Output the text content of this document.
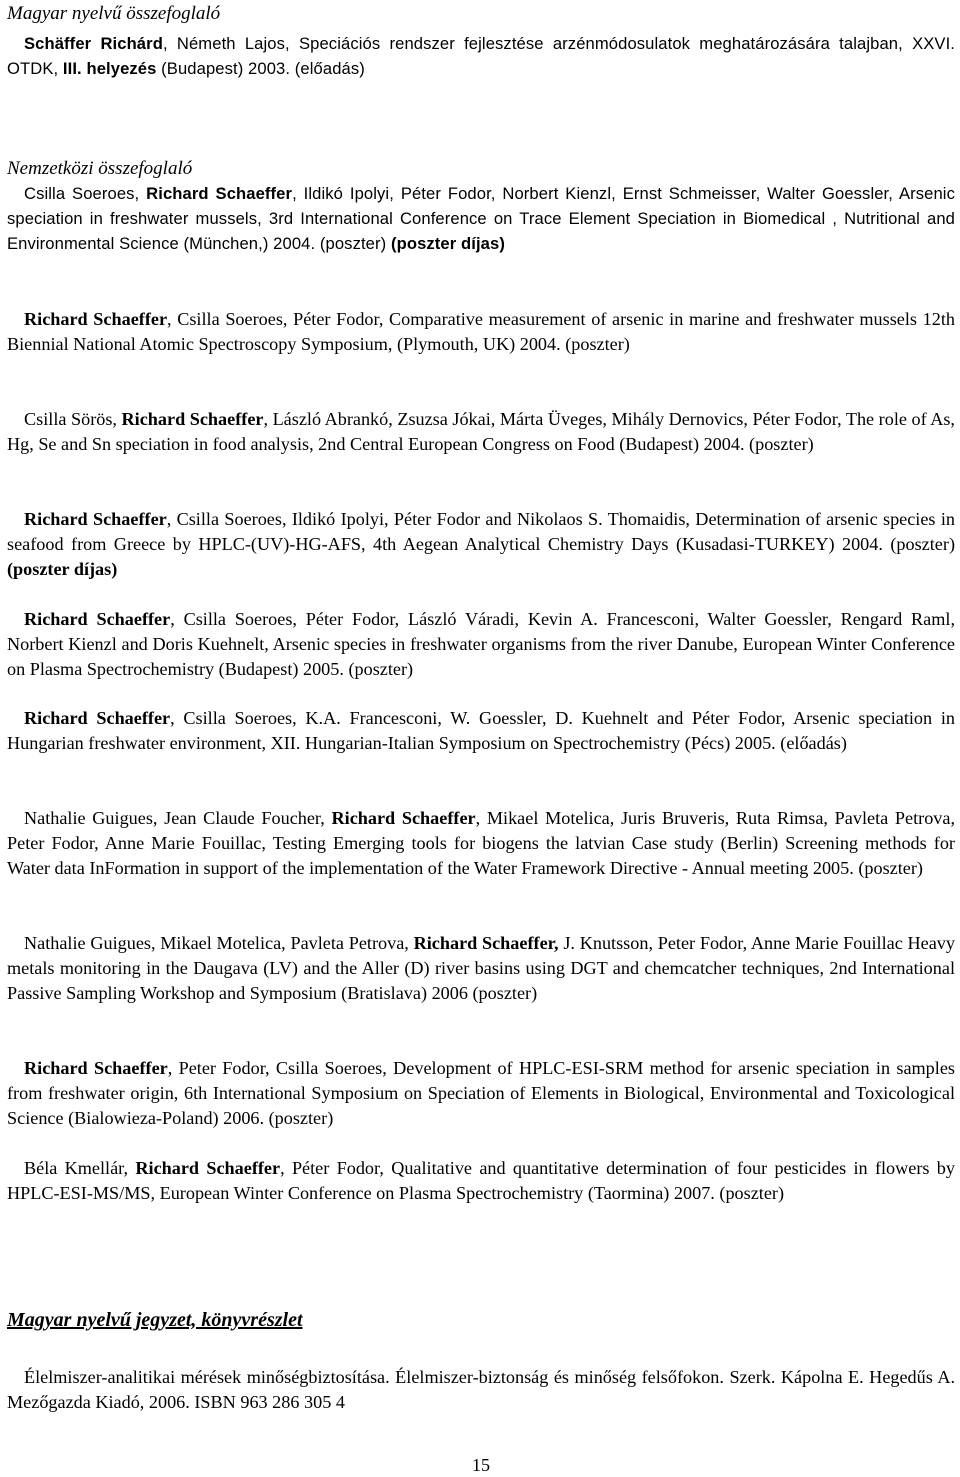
Magyar nyelvű összefoglaló
Schäffer Richárd, Németh Lajos, Speciációs rendszer fejlesztése arzénmódosulatok meghatározására talajban, XXVI. OTDK, III. helyezés (Budapest) 2003. (előadás)
Nemzetközi összefoglaló
Csilla Soeroes, Richard Schaeffer, Ildikó Ipolyi, Péter Fodor, Norbert Kienzl, Ernst Schmeisser, Walter Goessler, Arsenic speciation in freshwater mussels, 3rd International Conference on Trace Element Speciation in Biomedical , Nutritional and Environmental Science (München,) 2004. (poszter) (poszter díjas)
Richard Schaeffer, Csilla Soeroes, Péter Fodor, Comparative measurement of arsenic in marine and freshwater mussels 12th Biennial National Atomic Spectroscopy Symposium, (Plymouth, UK) 2004. (poszter)
Csilla Sörös, Richard Schaeffer, László Abrankó, Zsuzsa Jókai, Márta Üveges, Mihály Dernovics, Péter Fodor, The role of As, Hg, Se and Sn speciation in food analysis, 2nd Central European Congress on Food (Budapest) 2004. (poszter)
Richard Schaeffer, Csilla Soeroes, Ildikó Ipolyi, Péter Fodor and Nikolaos S. Thomaidis, Determination of arsenic species in seafood from Greece by HPLC-(UV)-HG-AFS, 4th Aegean Analytical Chemistry Days (Kusadasi-TURKEY) 2004. (poszter) (poszter díjas)
Richard Schaeffer, Csilla Soeroes, Péter Fodor, László Váradi, Kevin A. Francesconi, Walter Goessler, Rengard Raml, Norbert Kienzl and Doris Kuehnelt, Arsenic species in freshwater organisms from the river Danube, European Winter Conference on Plasma Spectrochemistry (Budapest) 2005. (poszter)
Richard Schaeffer, Csilla Soeroes, K.A. Francesconi, W. Goessler, D. Kuehnelt and Péter Fodor, Arsenic speciation in Hungarian freshwater environment, XII. Hungarian-Italian Symposium on Spectrochemistry (Pécs) 2005. (előadás)
Nathalie Guigues, Jean Claude Foucher, Richard Schaeffer, Mikael Motelica, Juris Bruveris, Ruta Rimsa, Pavleta Petrova, Peter Fodor, Anne Marie Fouillac, Testing Emerging tools for biogens the latvian Case study (Berlin) Screening methods for Water data InFormation in support of the implementation of the Water Framework Directive - Annual meeting 2005. (poszter)
Nathalie Guigues, Mikael Motelica, Pavleta Petrova, Richard Schaeffer, J. Knutsson, Peter Fodor, Anne Marie Fouillac Heavy metals monitoring in the Daugava (LV) and the Aller (D) river basins using DGT and chemcatcher techniques, 2nd International Passive Sampling Workshop and Symposium (Bratislava) 2006 (poszter)
Richard Schaeffer, Peter Fodor, Csilla Soeroes, Development of HPLC-ESI-SRM method for arsenic speciation in samples from freshwater origin, 6th International Symposium on Speciation of Elements in Biological, Environmental and Toxicological Science (Bialowieza-Poland) 2006. (poszter)
Béla Kmellár, Richard Schaeffer, Péter Fodor, Qualitative and quantitative determination of four pesticides in flowers by HPLC-ESI-MS/MS, European Winter Conference on Plasma Spectrochemistry (Taormina) 2007. (poszter)
Magyar nyelvű jegyzet, könyvrészlet
Élelmiszer-analitikai mérések minőségbiztosítása. Élelmiszer-biztonság és minőség felsőfokon. Szerk. Kápolna E. Hegedűs A. Mezőgazda Kiadó, 2006. ISBN 963 286 305 4
15
